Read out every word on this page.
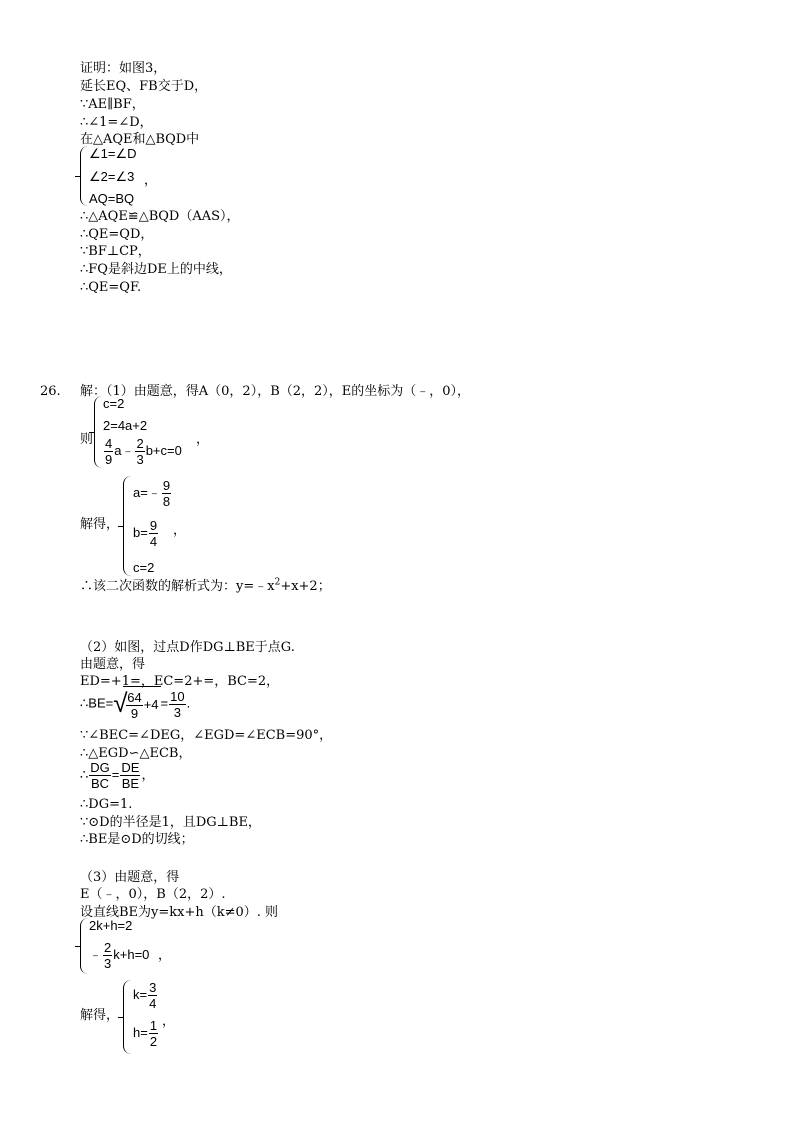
证明：如图3，
延长EQ、FB交于D，
∵AE∥BF，
∴∠1=∠D，
在△AQE和△BQD中
∠1=∠D
∠2=∠3 ，
AQ=BQ
∴△AQE≌△BQD（AAS），
∴QE=QD，
∵BF⊥CP，
∴FQ是斜边DE上的中线，
∴QE=QF.
26. 解：（1）由题意，得A（0，2），B（2，2），E的坐标为（﹣，0），
则
c=2
2=4a+2
$\frac{4}{9}$ a﹣ $\frac{2}{3} b+c=0$
，
解得，
a=﹣ $\frac{9}{8}$
$b= \frac{9}{4}$
c=2
，
∴该二次函数的解析式为：$y=﹣x^2+x+2$；
（2）如图，过点D作DG⊥BE于点G.
由题意，得
ED=+1=，EC=2+=，BC=2，
∴BE= √
$\frac{64}{9} +4 = \frac{10}{3}$ .
∵∠BEC=∠DEG，∠EGD=∠ECB=90°，
∴△EGD∽△ECB，
∴ $\frac{DG}{BC} = \frac{DE}{BE}$ ，
∴DG=1.
∵⊙D的半径是1，且DG⊥BE，
∴BE是⊙D的切线；
（3）由题意，得
E（﹣，0），B（2，2）.
设直线BE为y=kx+h（k≠0）. 则
2k+h=2
﹣ $\frac{2}{3} k+h=0$ ，
解得，
$k= \frac{3}{4}$
$h= \frac{1}{2}$ ，
